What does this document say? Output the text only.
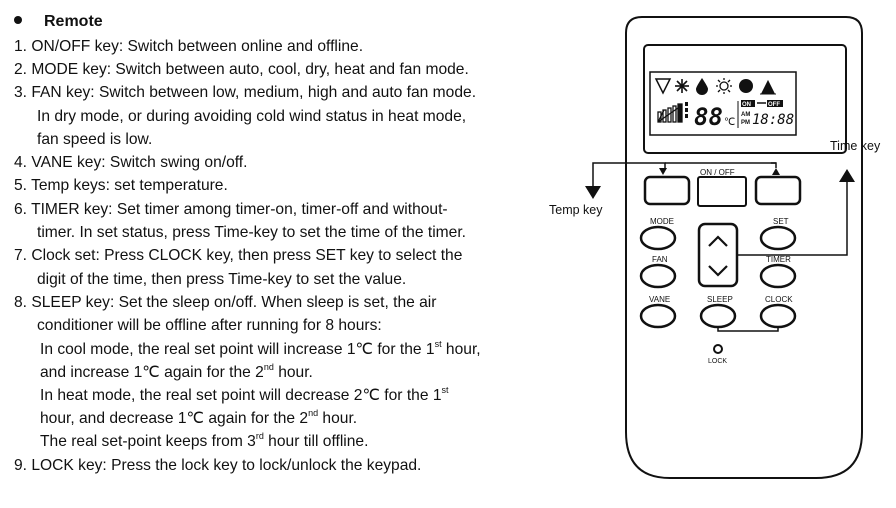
Remote
1. ON/OFF key: Switch between online and offline.
2. MODE key: Switch between auto, cool, dry, heat and fan mode.
3. FAN key: Switch between low, medium, high and auto fan mode.
In dry mode, or during avoiding cold wind status in heat mode,
fan speed is low.
4. VANE key: Switch swing on/off.
5. Temp keys: set temperature.
6. TIMER key: Set timer among timer-on, timer-off and without-
timer. In set status, press Time-key to set the time of the timer.
7. Clock set: Press CLOCK key, then press SET key to select the
digit of the time, then press Time-key to set the value.
8. SLEEP key: Set the sleep on/off. When sleep is set, the air
conditioner will be offline after running for 8 hours:
In cool mode, the real set point will increase 1℃ for the 1st hour,
and increase 1℃ again for the 2nd hour.
In heat mode, the real set point will decrease 2℃ for the 1st
hour, and decrease 1℃ again for the 2nd hour.
The real set-point keeps from 3rd hour till offline.
9. LOCK key: Press the lock key to lock/unlock the keypad.
88 ℃
ON	OFF
AM
PM 18:88
ON / OFF
MODE	SET
FAN	TIMER
VANE	SLEEP	CLOCK
LOCK
Time key
Temp key
